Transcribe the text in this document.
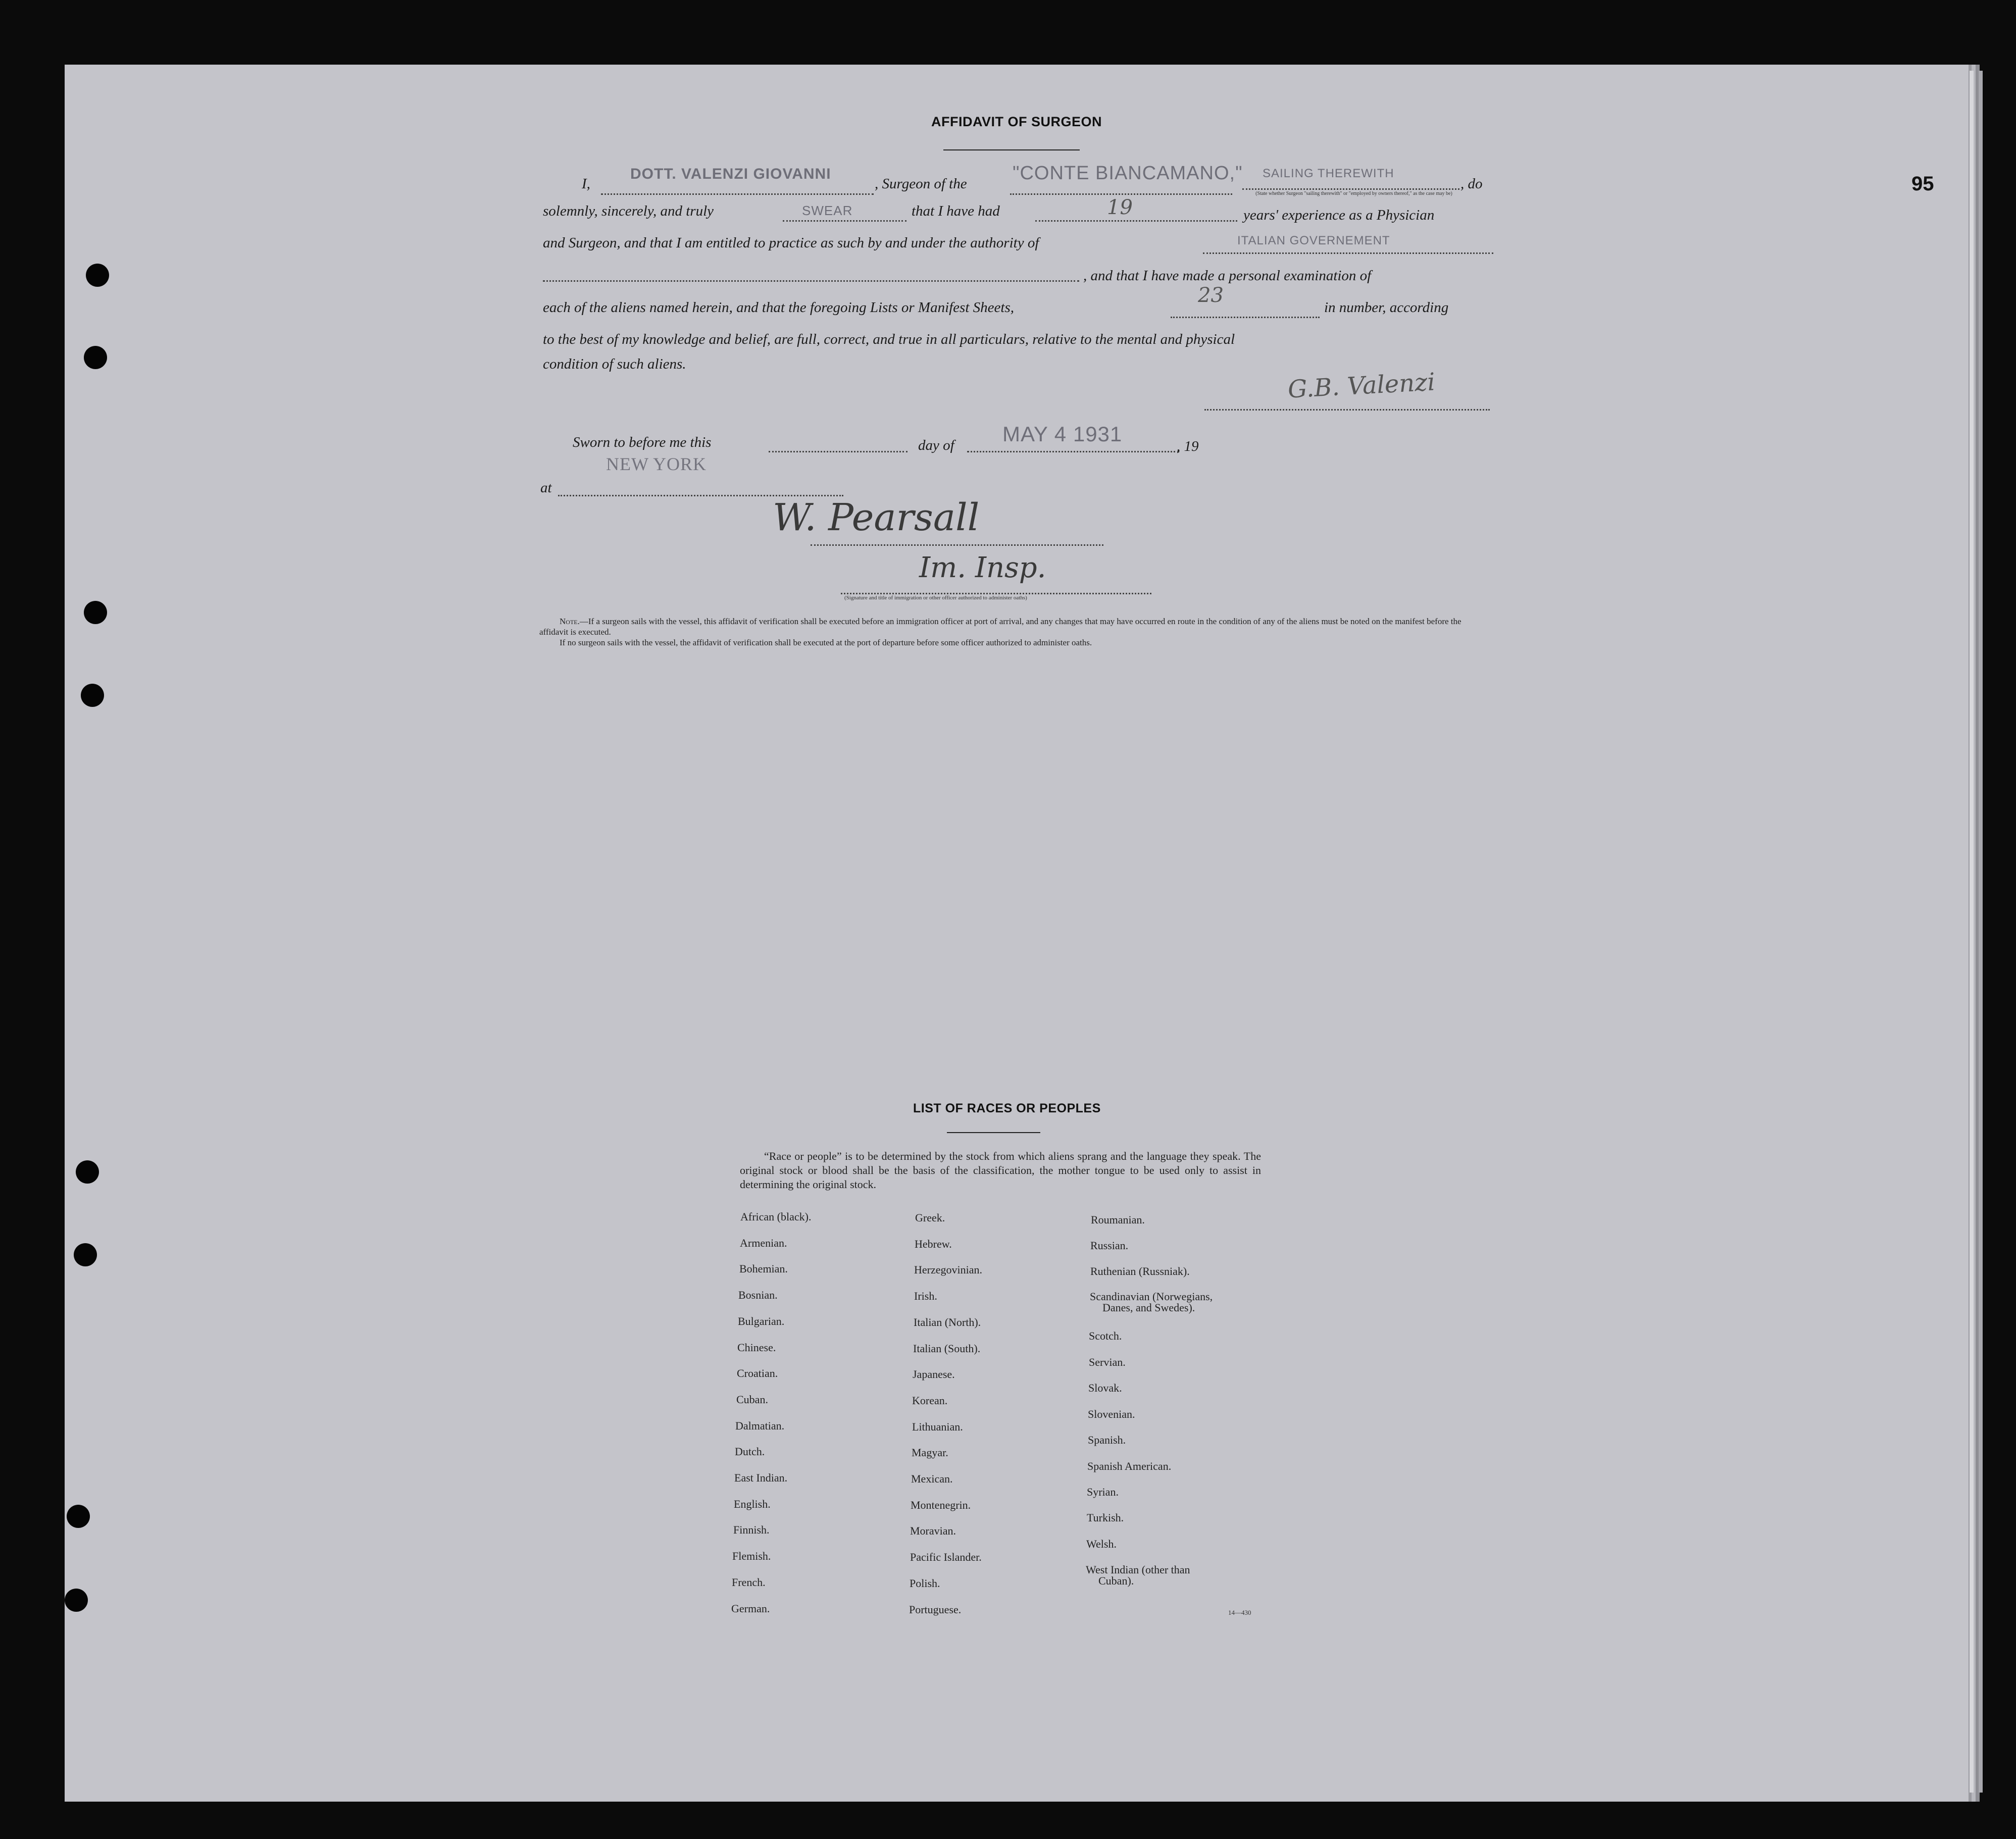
95
AFFIDAVIT OF SURGEON
I,
DOTT. VALENZI GIOVANNI
, Surgeon of the "CONTE BIANCAMANO," SAILING THEREWITH
, do
(State whether Surgeon "sailing therewith" or "employed by owners thereof," as the case may be)
solemnly, sincerely, and truly	SWEAR	that I have had	19	years' experience as a Physician
and Surgeon, and that I am entitled to practice as such by and under the authority of	ITALIAN GOVERNEMENT
, and that I have made a personal examination of
each of the aliens named herein, and that the foregoing Lists or Manifest Sheets,
23
in number, according
to the best of my knowledge and belief, are full, correct, and true in all particulars, relative to the mental and physical
condition of such aliens.
G.B. Valenzi
Sworn to before me this	day of MAY 4 1931
, 19
NEW YORK
at
W. Pearsall
Im. Insp.
(Signature and title of immigration or other officer authorized to administer oaths)
Note.—If a surgeon sails with the vessel, this affidavit of verification shall be executed before an immigration officer at port of arrival, and any changes that may have occurred en route in the condition of any of the aliens must be noted on the manifest before the affidavit is executed.
If no surgeon sails with the vessel, the affidavit of verification shall be executed at the port of departure before some officer authorized to administer oaths.
LIST OF RACES OR PEOPLES
“Race or people” is to be determined by the stock from which aliens sprang and the language they speak. The original stock or blood shall be the basis of the classification, the mother tongue to be used only to assist in determining the original stock.
African (black).
Armenian.
Bohemian.
Bosnian.
Bulgarian.
Chinese.
Croatian.
Cuban.
Dalmatian.
Dutch.
East Indian.
English.
Finnish.
Flemish.
French.
German.
Greek.
Hebrew.
Herzegovinian.
Irish.
Italian (North).
Italian (South).
Japanese.
Korean.
Lithuanian.
Magyar.
Mexican.
Montenegrin.
Moravian.
Pacific Islander.
Polish.
Portuguese.
Roumanian.
Russian.
Ruthenian (Russniak).
Scandinavian (Norwegians,
Danes, and Swedes).
Scotch.
Servian.
Slovak.
Slovenian.
Spanish.
Spanish American.
Syrian.
Turkish.
Welsh.
West Indian (other than
Cuban).
14—430
